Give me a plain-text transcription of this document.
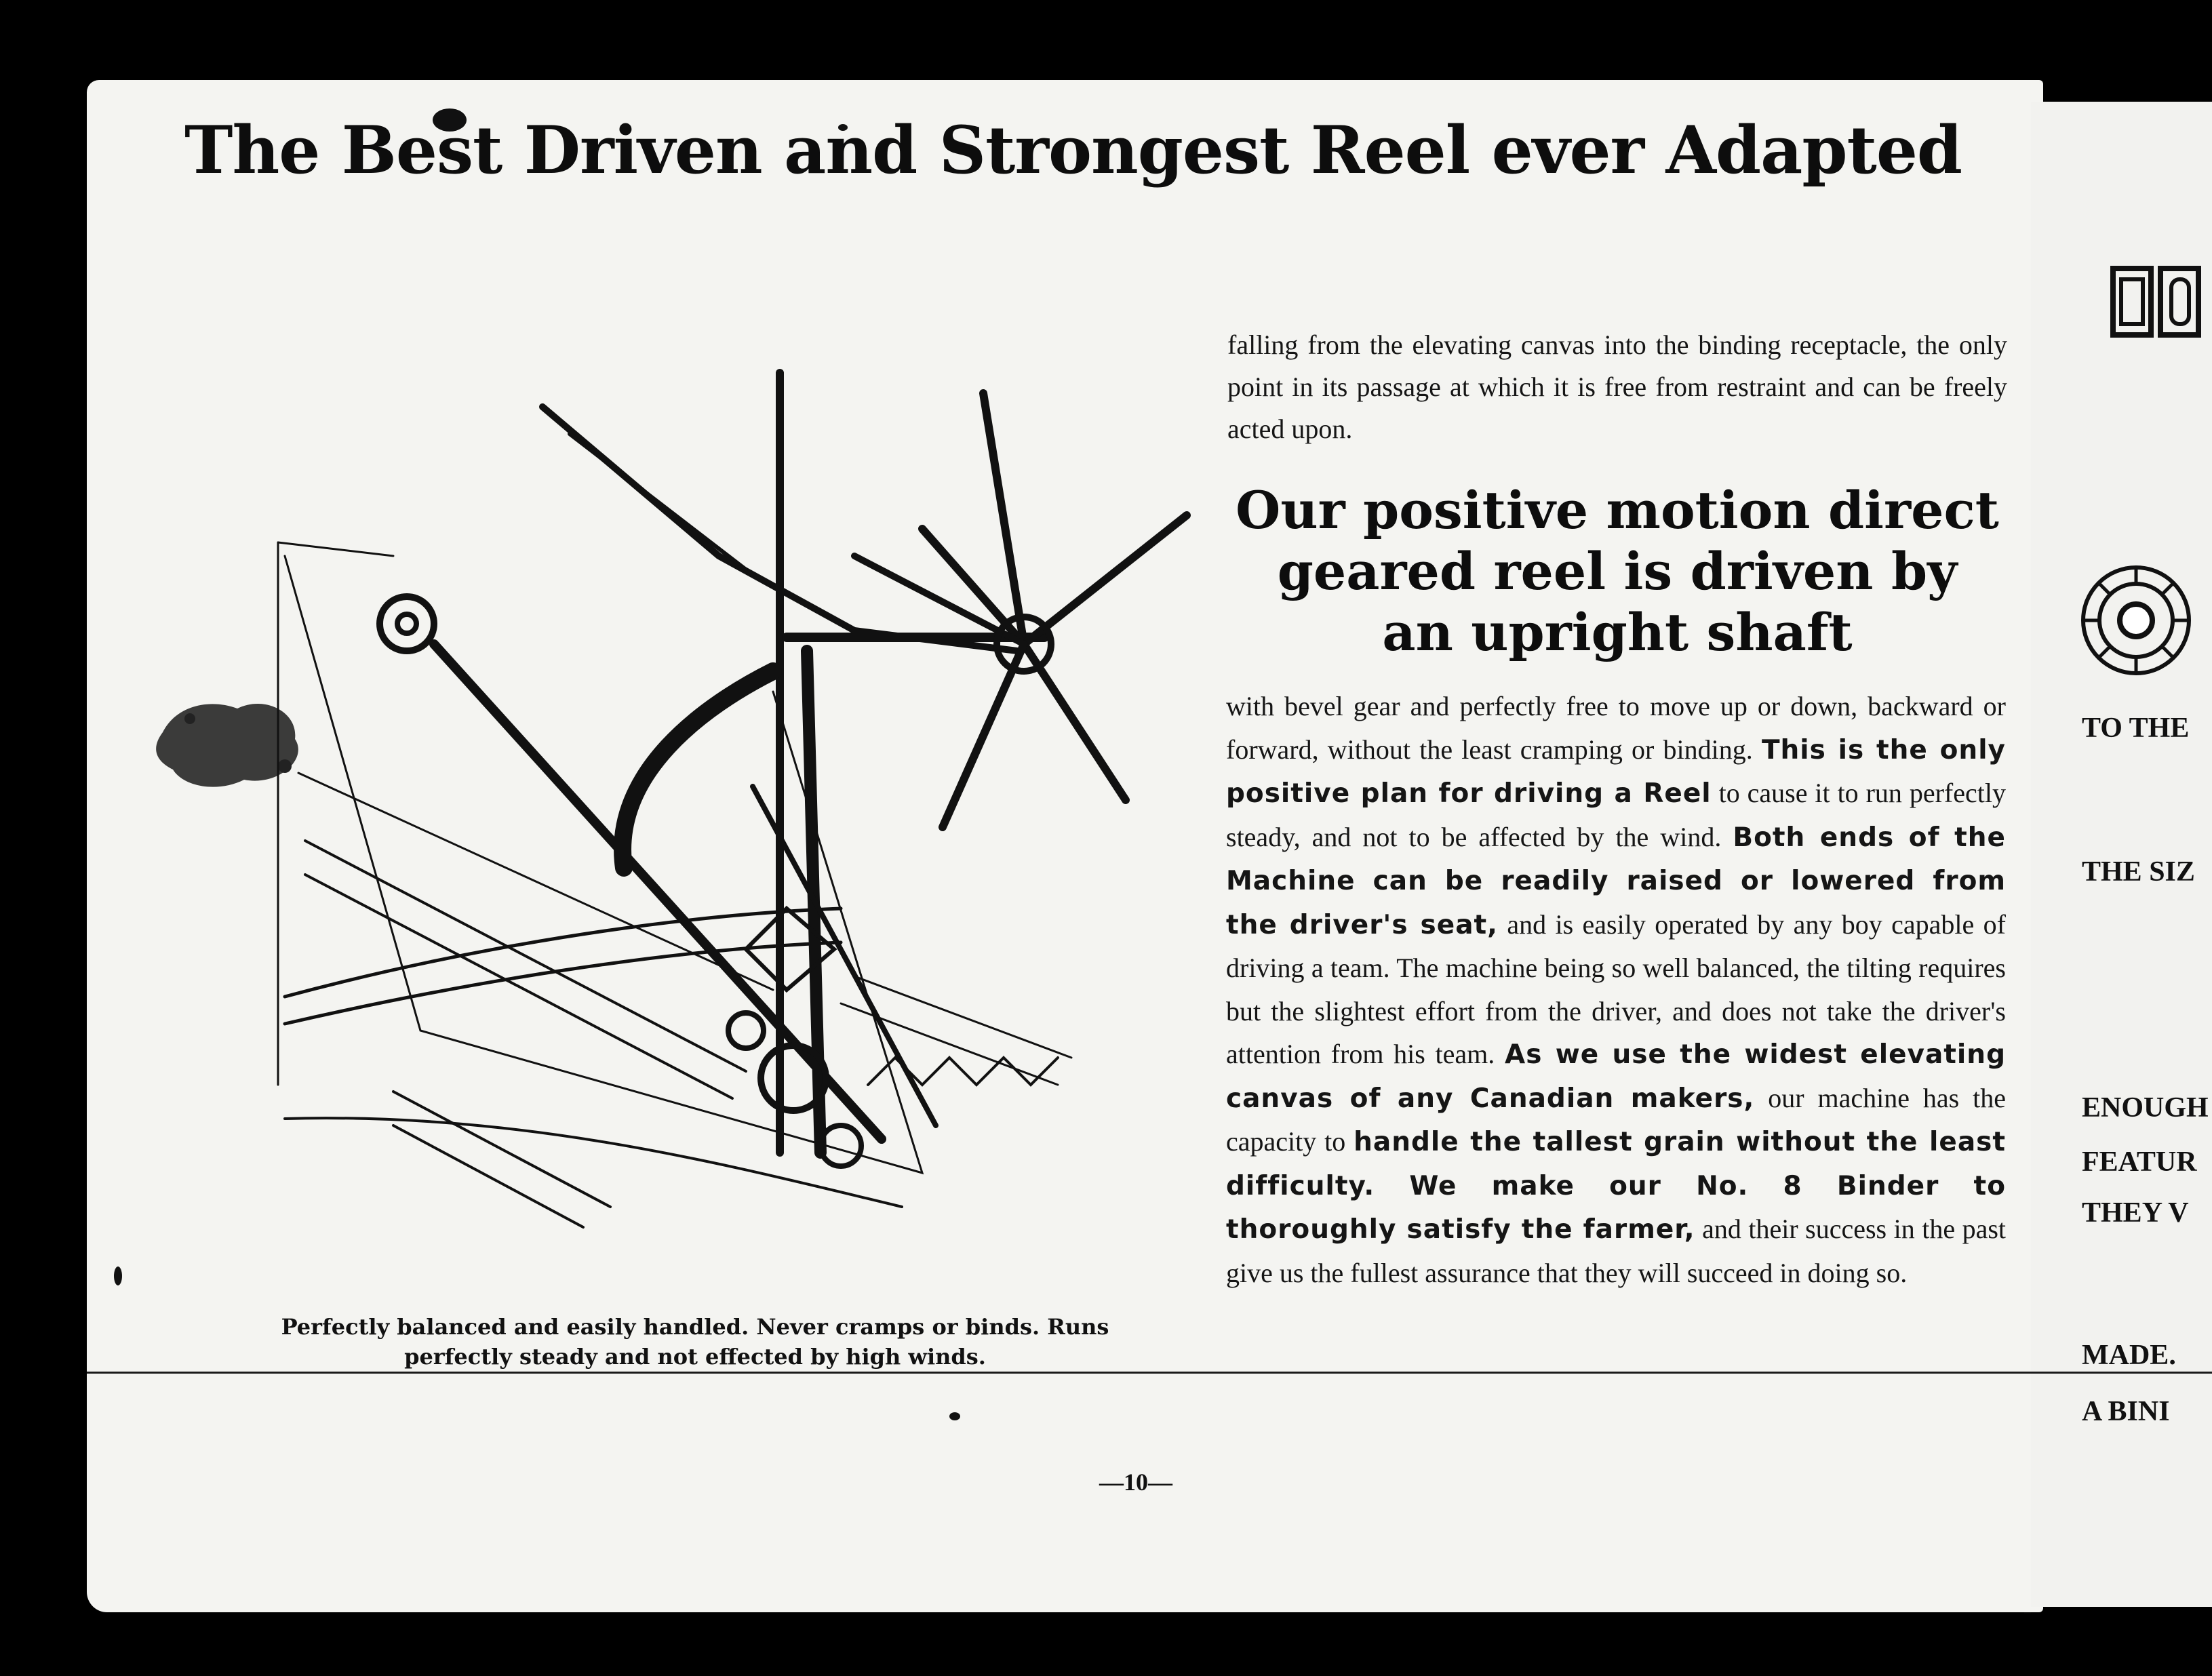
The Best Driven and Strongest Reel ever Adapted

Perfectly balanced and easily handled. Never cramps or binds. Runs
perfectly steady and not effected by high winds.

falling from the elevating canvas into the binding receptacle, the only point in its passage at which it is free from restraint and can be freely acted upon.

Our positive motion direct
geared reel is driven by
an upright shaft

with bevel gear and perfectly free to move up or down, backward or forward, without the least cramping or binding. This is the only positive plan for driving a Reel to cause it to run perfectly steady, and not to be affected by the wind. Both ends of the Machine can be readily raised or lowered from the driver's seat, and is easily operated by any boy capable of driving a team. The machine being so well balanced, the tilting requires but the slightest effort from the driver, and does not take the driver's attention from his team. As we use the widest elevating canvas of any Canadian makers, our machine has the capacity to handle the tallest grain without the least difficulty. We make our No. 8 Binder to thoroughly satisfy the farmer, and their success in the past give us the fullest assurance that they will succeed in doing so.

—10—
TO THE
THE SIZ
ENOUGH
FEATUR
THEY V
MADE.
A BINI
